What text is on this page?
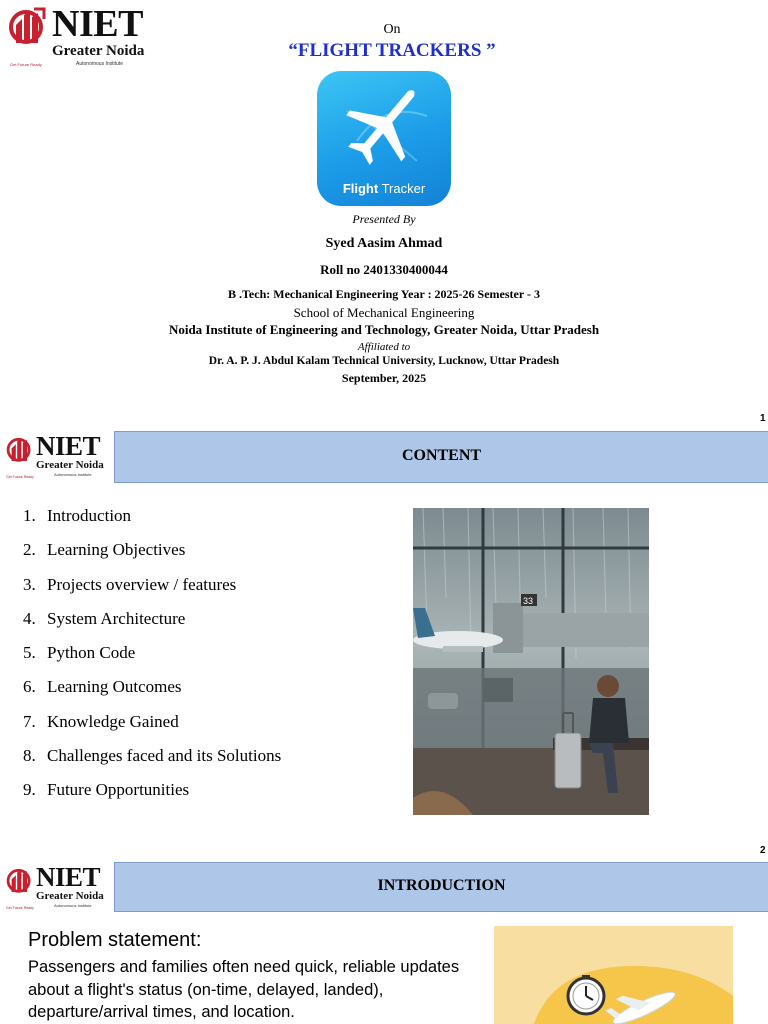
NIET
Greater Noida
Autonomous Institute
Get Future Ready
On
“FLIGHT TRACKERS ”
Flight Tracker
Presented By
Syed Aasim Ahmad
Roll no 2401330400044
B .Tech: Mechanical Engineering Year : 2025-26 Semester - 3
School of Mechanical Engineering
Noida Institute of Engineering and Technology, Greater Noida, Uttar Pradesh
Affiliated to
Dr. A. P. J. Abdul Kalam Technical University, Lucknow, Uttar Pradesh
September, 2025
1
NIET
Greater Noida
Autonomous Institute
Get Future Ready
CONTENT
1. Introduction
2. Learning Objectives
3. Projects overview / features
4. System Architecture
5. Python Code
6. Learning Outcomes
7. Knowledge Gained
8. Challenges faced and its Solutions
9. Future Opportunities
33
2
NIET
Greater Noida
Autonomous Institute
Get Future Ready
INTRODUCTION
Problem statement:
Passengers and families often need quick, reliable updates about a flight's status (on-time, delayed, landed), departure/arrival times, and location.
